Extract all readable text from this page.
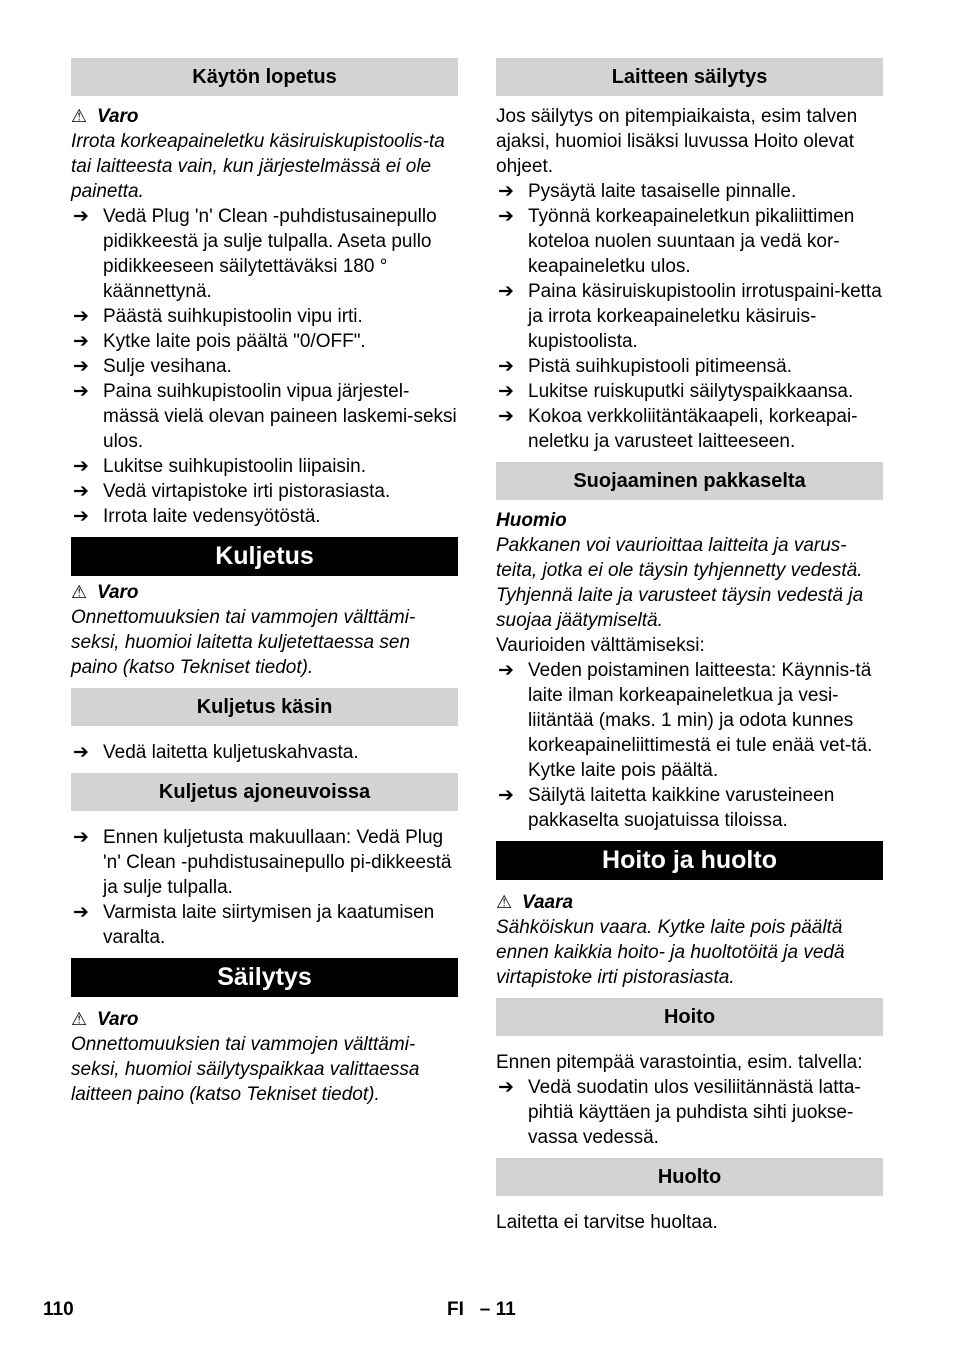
Käytön lopetus
⚠ Varo
Irrota korkeapaineletku käsiruiskupistoolis-ta tai laitteesta vain, kun järjestelmässä ei ole painetta.
➔ Vedä Plug 'n' Clean -puhdistusainepullo pidikkeestä ja sulje tulpalla. Aseta pullo pidikkeeseen säilytettäväksi 180 ° käännettynä.
➔ Päästä suihkupistoolin vipu irti.
➔ Kytke laite pois päältä "0/OFF".
➔ Sulje vesihana.
➔ Paina suihkupistoolin vipua järjestel-mässä vielä olevan paineen laskemi-seksi ulos.
➔ Lukitse suihkupistoolin liipaisin.
➔ Vedä virtapistoke irti pistorasiasta.
➔ Irrota laite vedensyötöstä.
Kuljetus
⚠ Varo
Onnettomuuksien tai vammojen välttämi-seksi, huomioi laitetta kuljetettaessa sen paino (katso Tekniset tiedot).
Kuljetus käsin
➔ Vedä laitetta kuljetuskahvasta.
Kuljetus ajoneuvoissa
➔ Ennen kuljetusta makuullaan: Vedä Plug 'n' Clean -puhdistusainepullo pi-dikkeestä ja sulje tulpalla.
➔ Varmista laite siirtymisen ja kaatumisen varalta.
Säilytys
⚠ Varo
Onnettomuuksien tai vammojen välttämi-seksi, huomioi säilytyspaikkaa valittaessa laitteen paino (katso Tekniset tiedot).
Laitteen säilytys
Jos säilytys on pitempiaikaista, esim talven ajaksi, huomioi lisäksi luvussa Hoito olevat ohjeet.
➔ Pysäytä laite tasaiselle pinnalle.
➔ Työnnä korkeapaineletkun pikaliittimen koteloa nuolen suuntaan ja vedä kor-keapaineletku ulos.
➔ Paina käsiruiskupistoolin irrotuspaini-ketta ja irrota korkeapaineletku käsiruis-kupistoolista.
➔ Pistä suihkupistooli pitimeensä.
➔ Lukitse ruiskuputki säilytyspaikkaansa.
➔ Kokoa verkkoliitäntäkaapeli, korkeapai-neletku ja varusteet laitteeseen.
Suojaaminen pakkaselta
Huomio
Pakkanen voi vaurioittaa laitteita ja varus-teita, jotka ei ole täysin tyhjennetty vedestä. Tyhjennä laite ja varusteet täysin vedestä ja suojaa jäätymiseltä.
Vaurioiden välttämiseksi:
➔ Veden poistaminen laitteesta: Käynnis-tä laite ilman korkeapaineletkua ja vesi-liitäntää (maks. 1 min) ja odota kunnes korkeapaineliittimestä ei tule enää vet-tä. Kytke laite pois päältä.
➔ Säilytä laitetta kaikkine varusteineen pakkaselta suojatuissa tiloissa.
Hoito ja huolto
⚠ Vaara
Sähköiskun vaara. Kytke laite pois päältä ennen kaikkia hoito- ja huoltotöitä ja vedä virtapistoke irti pistorasiasta.
Hoito
Ennen pitempää varastointia, esim. talvella:
➔ Vedä suodatin ulos vesiliitännästä latta-pihtiä käyttäen ja puhdista sihti juokse-vassa vedessä.
Huolto
Laitetta ei tarvitse huoltaa.
110	FI   – 11
